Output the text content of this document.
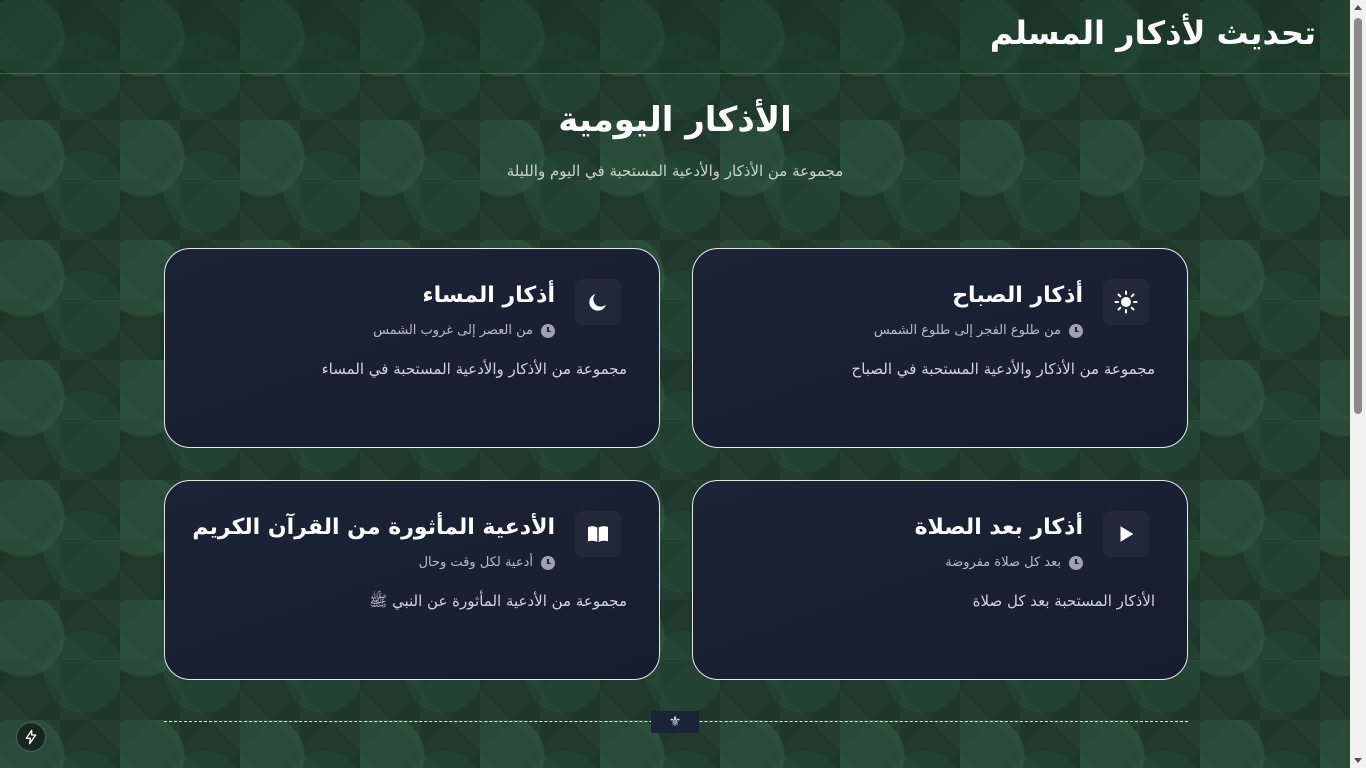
تحديث لأذكار المسلم
الأذكار اليومية

مجموعة من الأذكار والأدعية المستحبة في اليوم والليلة

أذكار الصباح
من طلوع الفجر إلى طلوع الشمس

مجموعة من الأذكار والأدعية المستحبة في الصباح

أذكار المساء
من العصر إلى غروب الشمس

مجموعة من الأذكار والأدعية المستحبة في المساء

أذكار بعد الصلاة
بعد كل صلاة مفروضة

الأذكار المستحبة بعد كل صلاة

الأدعية المأثورة من القرآن الكريم
أدعية لكل وقت وحال

مجموعة من الأدعية المأثورة عن النبي ﷺ

⚜
